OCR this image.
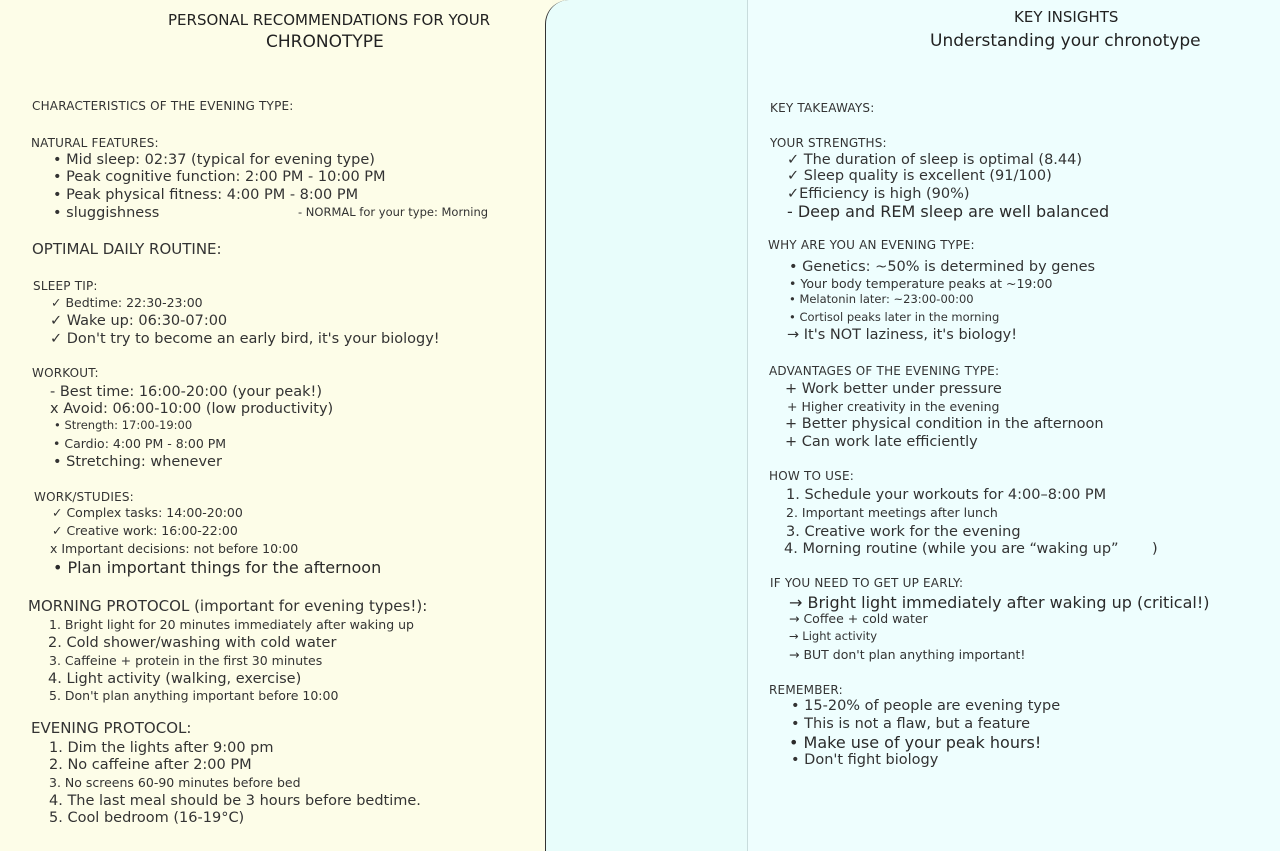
PERSONAL RECOMMENDATIONS FOR YOUR
CHRONOTYPE
CHARACTERISTICS OF THE EVENING TYPE:
NATURAL FEATURES:
• Mid sleep: 02:37 (typical for evening type)
• Peak cognitive function: 2:00 PM - 10:00 PM
• Peak physical fitness: 4:00 PM - 8:00 PM
• sluggishness	- NORMAL for your type: Morning
OPTIMAL DAILY ROUTINE:
SLEEP TIP:
✓ Bedtime: 22:30-23:00
✓ Wake up: 06:30-07:00
✓ Don't try to become an early bird, it's your biology!
WORKOUT:
- Best time: 16:00-20:00 (your peak!)
x Avoid: 06:00-10:00 (low productivity)
• Strength: 17:00-19:00
• Cardio: 4:00 PM - 8:00 PM
• Stretching: whenever
WORK/STUDIES:
✓ Complex tasks: 14:00-20:00
✓ Creative work: 16:00-22:00
x Important decisions: not before 10:00
• Plan important things for the afternoon
MORNING PROTOCOL (important for evening types!):
1. Bright light for 20 minutes immediately after waking up
2. Cold shower/washing with cold water
3. Caffeine + protein in the first 30 minutes
4. Light activity (walking, exercise)
5. Don't plan anything important before 10:00
EVENING PROTOCOL:
1. Dim the lights after 9:00 pm
2. No caffeine after 2:00 PM
3. No screens 60-90 minutes before bed
4. The last meal should be 3 hours before bedtime.
5. Cool bedroom (16-19°C)
KEY INSIGHTS
Understanding your chronotype
KEY TAKEAWAYS:
YOUR STRENGTHS:
✓ The duration of sleep is optimal (8.44)
✓ Sleep quality is excellent (91/100)
✓Efficiency is high (90%)
- Deep and REM sleep are well balanced
WHY ARE YOU AN EVENING TYPE:
• Genetics: ~50% is determined by genes
• Your body temperature peaks at ~19:00
• Melatonin later: ~23:00-00:00
• Cortisol peaks later in the morning
→ It's NOT laziness, it's biology!
ADVANTAGES OF THE EVENING TYPE:
+ Work better under pressure
+ Higher creativity in the evening
+ Better physical condition in the afternoon
+ Can work late efficiently
HOW TO USE:
1. Schedule your workouts for 4:00–8:00 PM
2. Important meetings after lunch
3. Creative work for the evening
4. Morning routine (while you are “waking up” )
IF YOU NEED TO GET UP EARLY:
→ Bright light immediately after waking up (critical!)
→ Coffee + cold water
→ Light activity
→ BUT don't plan anything important!
REMEMBER:
• 15-20% of people are evening type
• This is not a flaw, but a feature
• Make use of your peak hours!
• Don't fight biology
